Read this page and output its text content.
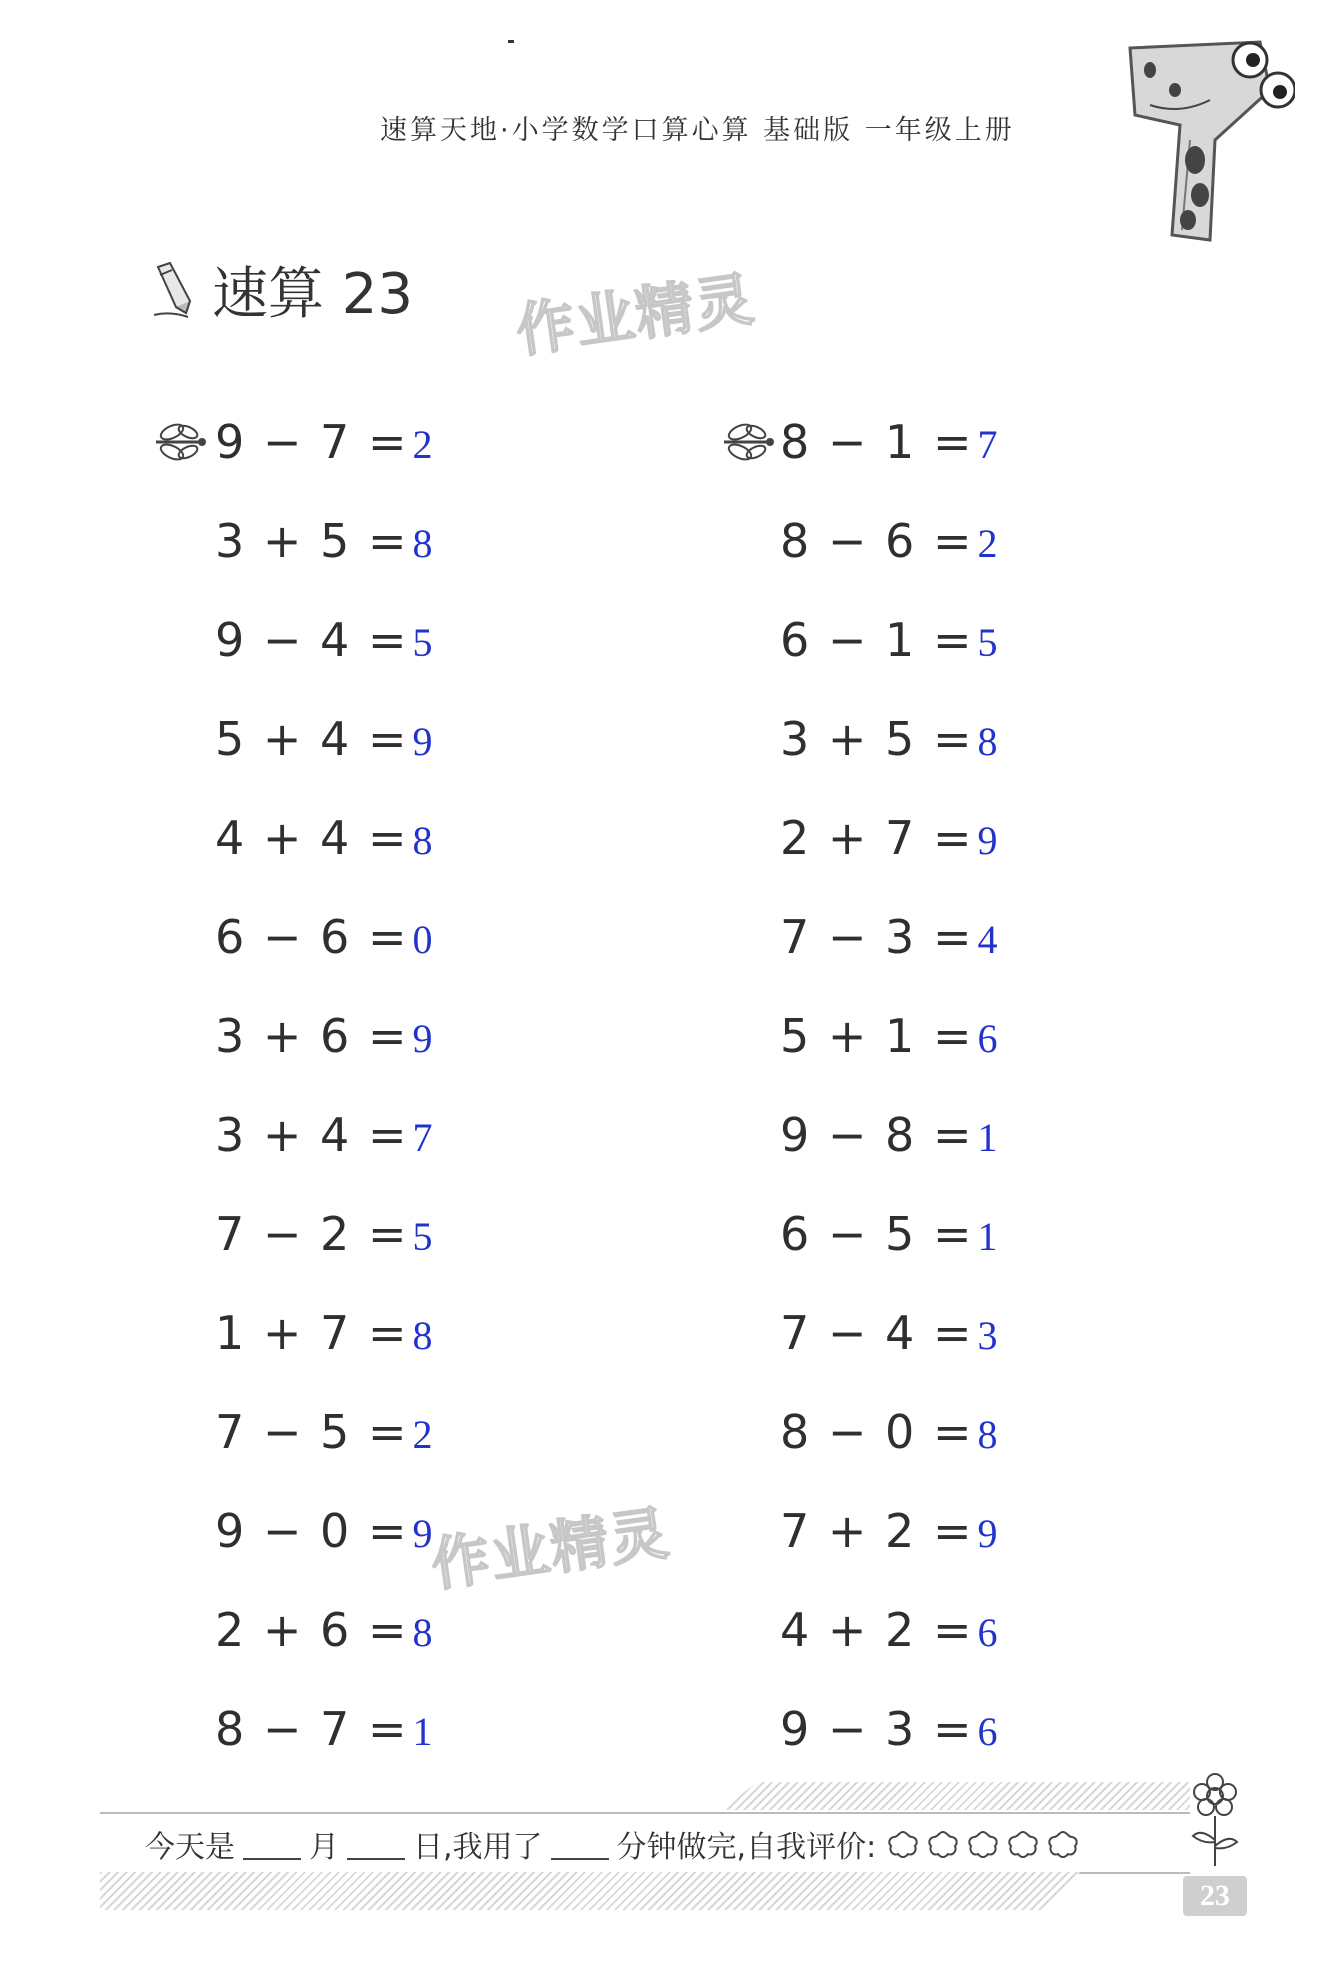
速算天地·小学数学口算心算 基础版 一年级上册
速算 23 作业精灵
作业精灵
9 − 7 = 2
3 + 5 = 8
9 − 4 = 5
5 + 4 = 9
4 + 4 = 8
6 − 6 = 0
3 + 6 = 9
3 + 4 = 7
7 − 2 = 5
1 + 7 = 8
7 − 5 = 2
9 − 0 = 9
2 + 6 = 8
8 − 7 = 1
8 − 1 = 7
8 − 6 = 2
6 − 1 = 5
3 + 5 = 8
2 + 7 = 9
7 − 3 = 4
5 + 1 = 6
9 − 8 = 1
6 − 5 = 1
7 − 4 = 3
8 − 0 = 8
7 + 2 = 9
4 + 2 = 6
9 − 3 = 6
今天是 月 日,我用了 分钟做完,自我评价:
23
